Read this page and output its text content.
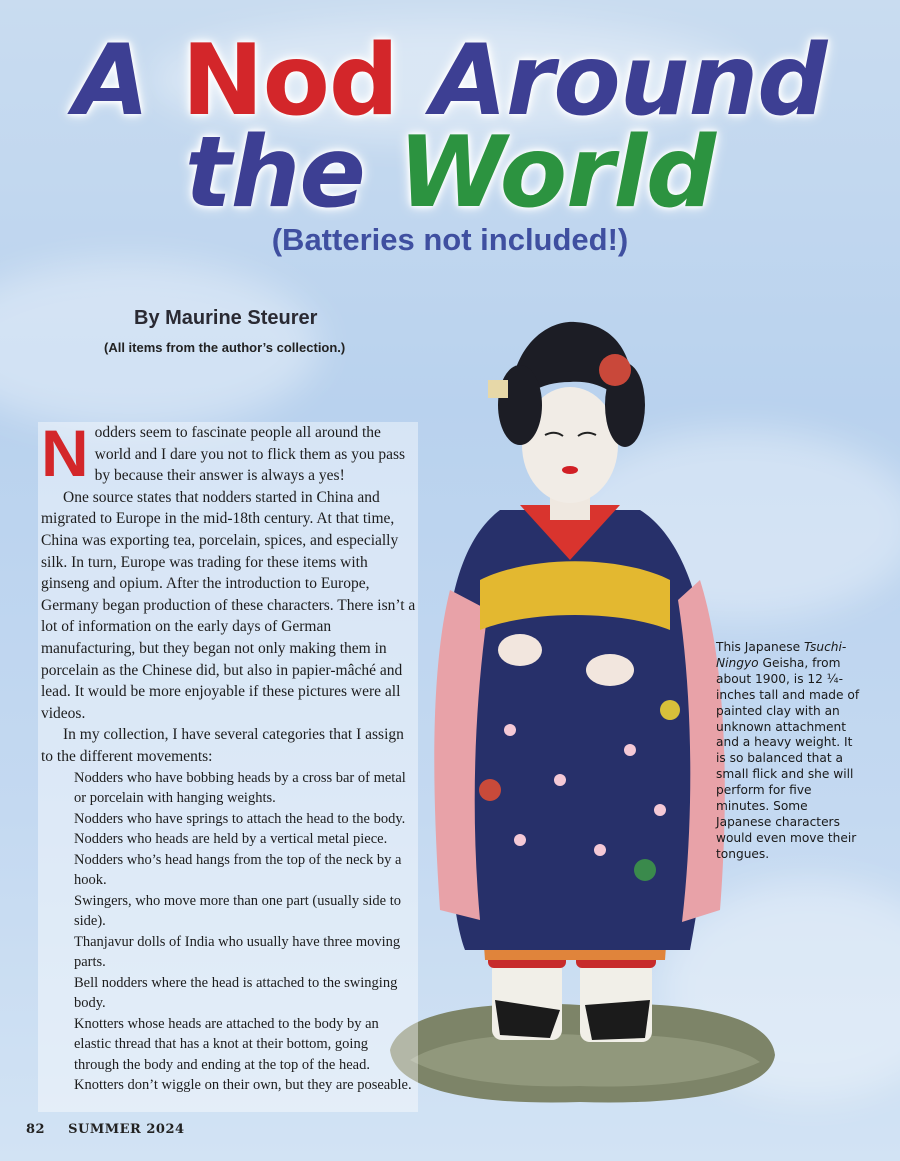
A Nod Around
the World
(Batteries not included!)

By Maurine Steurer

(All items from the author’s collection.)

Nodders seem to fascinate people all around the world and I dare you not to flick them as you pass by because their answer is always a yes!

One source states that nodders started in China and migrated to Europe in the mid-18th century. At that time, China was exporting tea, porcelain, spices, and especially silk. In turn, Europe was trading for these items with ginseng and opium. After the introduction to Europe, Germany began production of these characters. There isn’t a lot of information on the early days of German manufacturing, but they began not only making them in porcelain as the Chinese did, but also in papier-mâché and lead. It would be more enjoyable if these pictures were all videos.

In my collection, I have several categories that I assign to the different movements:

Nodders who have bobbing heads by a cross bar of metal or porcelain with hanging weights.
Nodders who have springs to attach the head to the body.
Nodders who heads are held by a vertical metal piece.
Nodders who’s head hangs from the top of the neck by a hook.
Swingers, who move more than one part (usually side to side).
Thanjavur dolls of India who usually have three moving parts.
Bell nodders where the head is attached to the swinging body.
Knotters whose heads are attached to the body by an elastic thread that has a knot at their bottom, going through the body and ending at the top of the head. Knotters don’t wiggle on their own, but they are poseable.

This Japanese Tsuchi-Ningyo Geisha, from about 1900, is 12 ¼-inches tall and made of painted clay with an unknown attachment and a heavy weight. It is so balanced that a small flick and she will perform for five minutes. Some Japanese characters would even move their tongues.

82 SUMMER 2024
